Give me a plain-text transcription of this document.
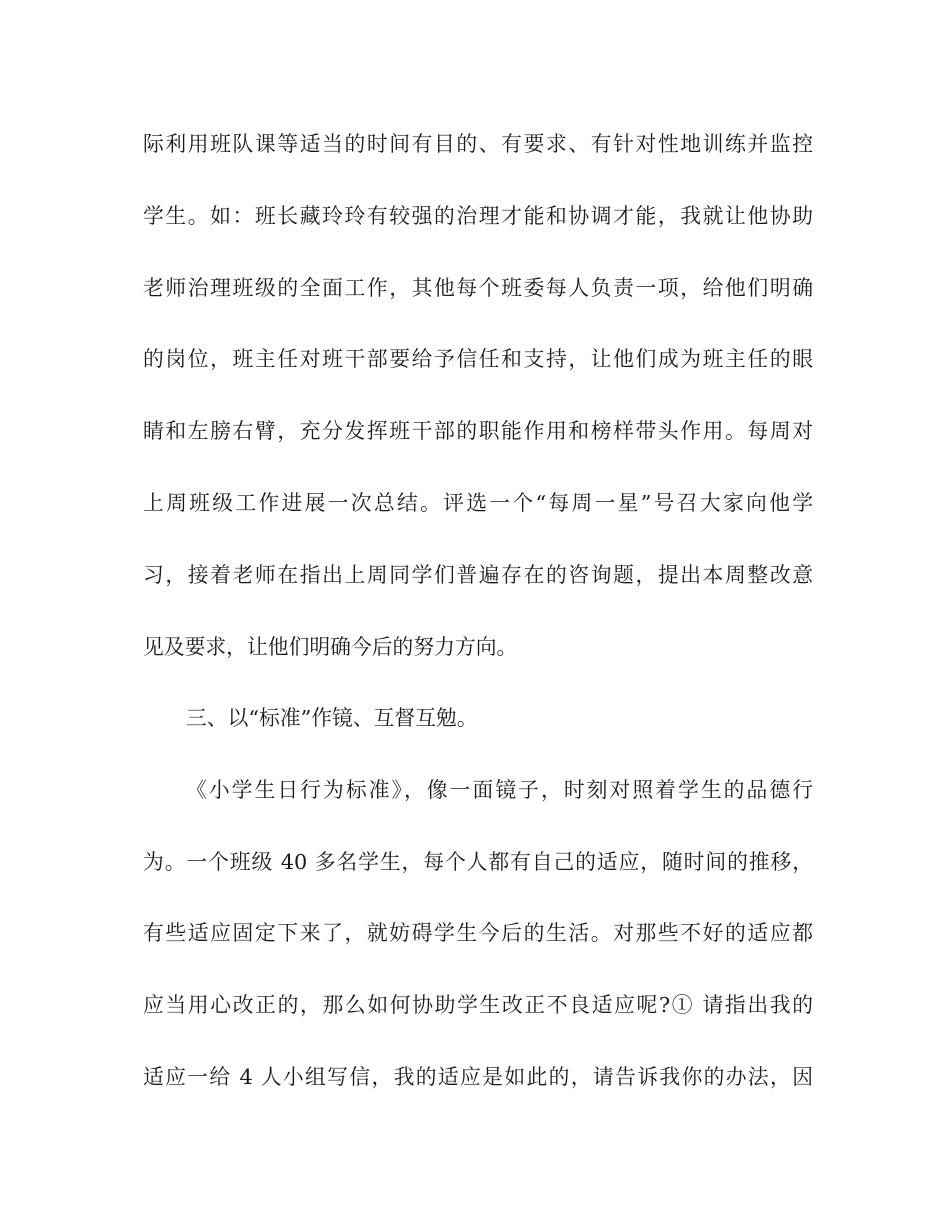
际利用班队课等适当的时间有目的、有要求、有针对性地训练并监控
学生。如：班长藏玲玲有较强的治理才能和协调才能，我就让他协助
老师治理班级的全面工作，其他每个班委每人负责一项，给他们明确
的岗位，班主任对班干部要给予信任和支持，让他们成为班主任的眼
睛和左膀右臂，充分发挥班干部的职能作用和榜样带头作用。每周对
上周班级工作进展一次总结。评选一个“每周一星”号召大家向他学
习，接着老师在指出上周同学们普遍存在的咨询题，提出本周整改意
见及要求，让他们明确今后的努力方向。
三、以“标准”作镜、互督互勉。
《小学生日行为标准》，像一面镜子，时刻对照着学生的品德行
为。一个班级 40 多名学生，每个人都有自己的适应，随时间的推移，
有些适应固定下来了，就妨碍学生今后的生活。对那些不好的适应都
应当用心改正的，那么如何协助学生改正不良适应呢?① 请指出我的
适应一给 4 人小组写信，我的适应是如此的，请告诉我你的办法，因
